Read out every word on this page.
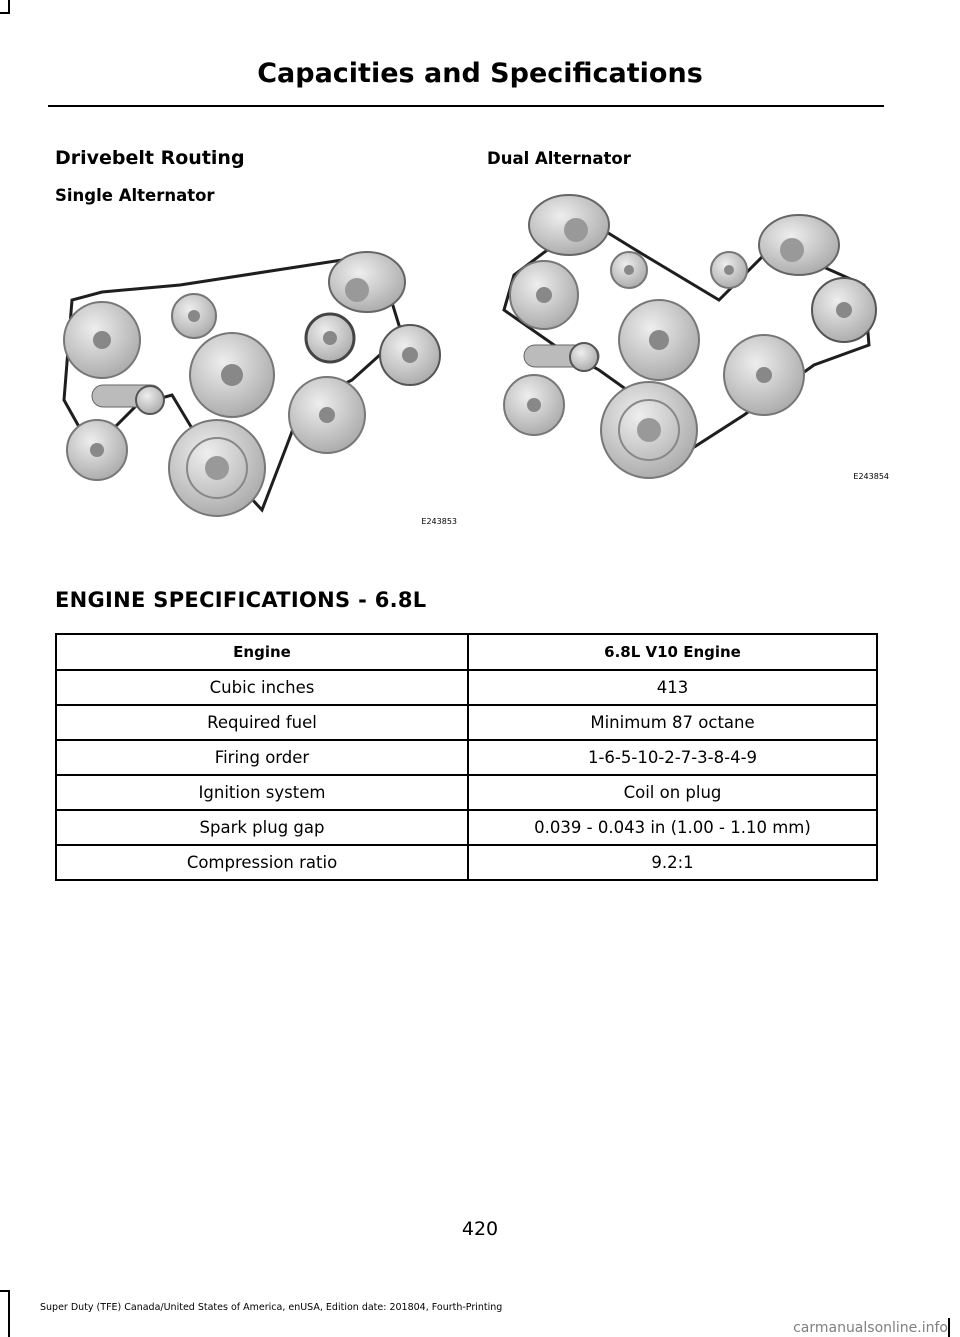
Capacities and Specifications
Drivebelt Routing
Single Alternator
Dual Alternator
E243853
E243854
ENGINE SPECIFICATIONS - 6.8L
Engine	6.8L V10 Engine
Cubic inches	413
Required fuel	Minimum 87 octane
Firing order	1-6-5-10-2-7-3-8-4-9
Ignition system	Coil on plug
Spark plug gap	0.039 - 0.043 in (1.00 - 1.10 mm)
Compression ratio	9.2:1
420
Super Duty (TFE) Canada/United States of America, enUSA, Edition date: 201804, Fourth-Printing
carmanualsonline.info
